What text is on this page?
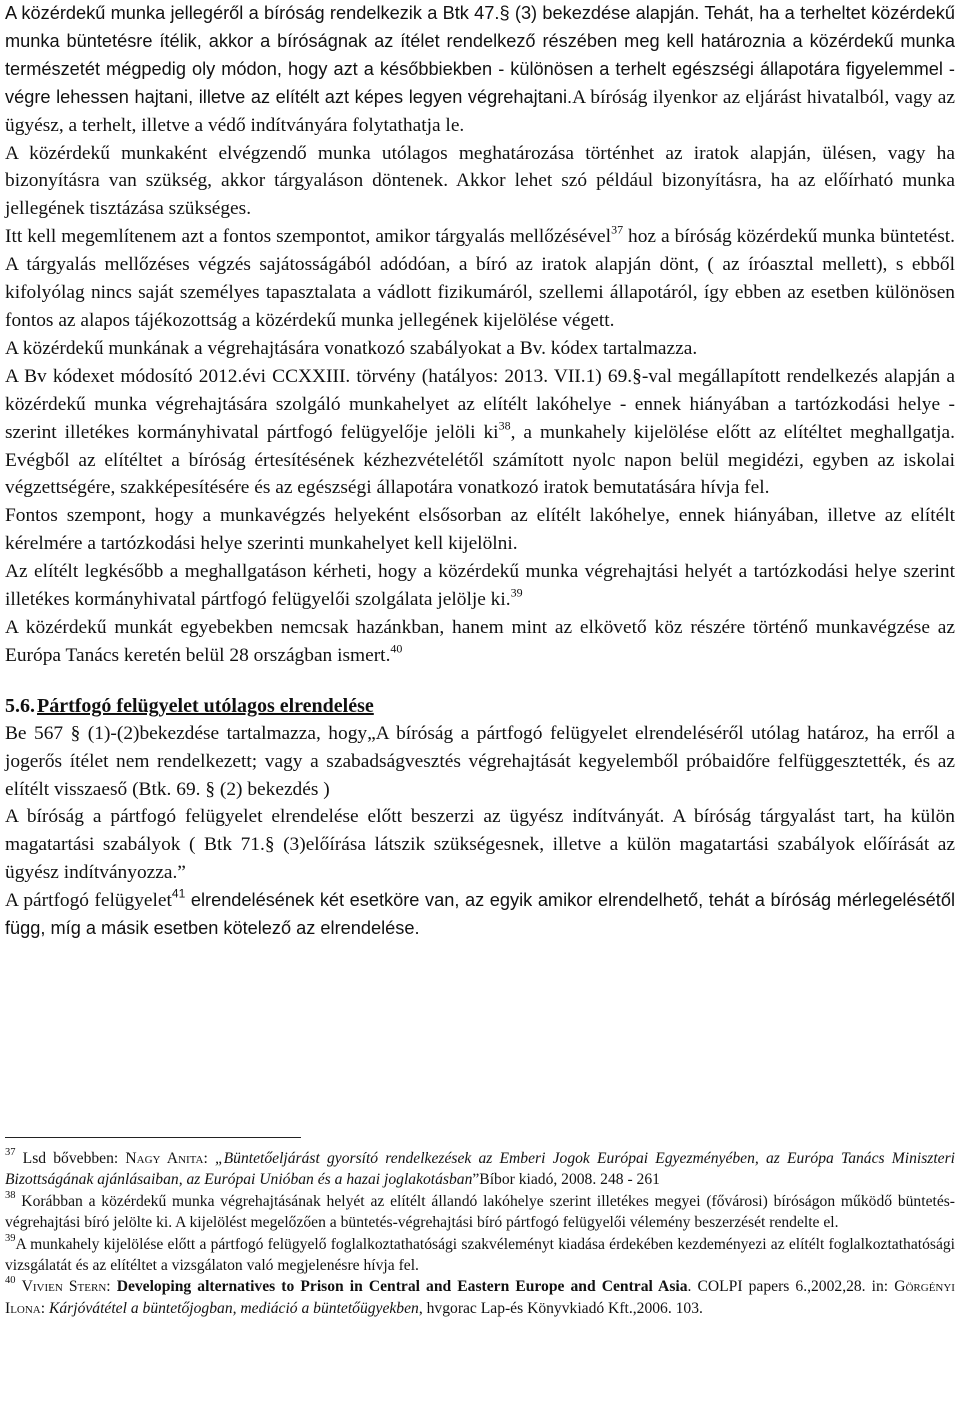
A közérdekű munka jellegéről a bíróság rendelkezik a Btk 47.§ (3) bekezdése alapján. Tehát, ha a terheltet közérdekű munka büntetésre ítélik, akkor a bíróságnak az ítélet rendelkező részében meg kell határoznia a közérdekű munka természetét mégpedig oly módon, hogy azt a későbbiekben - különösen a terhelt egészségi állapotára figyelemmel - végre lehessen hajtani, illetve az elítélt azt képes legyen végrehajtani.A bíróság ilyenkor az eljárást hivatalból, vagy az ügyész, a terhelt, illetve a védő indítványára folytathatja le.

A közérdekű munkaként elvégzendő munka utólagos meghatározása történhet az iratok alapján, ülésen, vagy ha bizonyításra van szükség, akkor tárgyaláson döntenek. Akkor lehet szó például bizonyításra, ha az előírható munka jellegének tisztázása szükséges.

Itt kell megemlítenem azt a fontos szempontot, amikor tárgyalás mellőzésével$^{37}$ hoz a bíróság közérdekű munka büntetést. A tárgyalás mellőzéses végzés sajátosságából adódóan, a bíró az iratok alapján dönt, ( az íróasztal mellett), s ebből kifolyólag nincs saját személyes tapasztalata a vádlott fizikumáról, szellemi állapotáról, így ebben az esetben különösen fontos az alapos tájékozottság a közérdekű munka jellegének kijelölése végett.

A közérdekű munkának a végrehajtására vonatkozó szabályokat a Bv. kódex tartalmazza.

A Bv kódexet módosító 2012.évi CCXXIII. törvény (hatályos: 2013. VII.1) 69.§-val megállapított rendelkezés alapján a közérdekű munka végrehajtására szolgáló munkahelyet az elítélt lakóhelye - ennek hiányában a tartózkodási helye - szerint illetékes kormányhivatal pártfogó felügyelője jelöli $ki^{38}$, a munkahely kijelölése előtt az elítéltet meghallgatja. Evégből az elítéltet a bíróság értesítésének kézhezvételétől számított nyolc napon belül megidézi, egyben az iskolai végzettségére, szakképesítésére és az egészségi állapotára vonatkozó iratok bemutatására hívja fel.

Fontos szempont, hogy a munkavégzés helyeként elsősorban az elítélt lakóhelye, ennek hiányában, illetve az elítélt kérelmére a tartózkodási helye szerinti munkahelyet kell kijelölni.

Az elítélt legkésőbb a meghallgatáson kérheti, hogy a közérdekű munka végrehajtási helyét a tartózkodási helye szerint illetékes kormányhivatal pártfogó felügyelői szolgálata jelölje ki.$^{39}$

A közérdekű munkát egyebekben nemcsak hazánkban, hanem mint az elkövető köz részére történő munkavégzése az Európa Tanács keretén belül 28 országban ismert.$^{40}$

5.6. Pártfogó felügyelet utólagos elrendelése

Be 567 § (1)-(2)bekezdése tartalmazza, hogy„A bíróság a pártfogó felügyelet elrendeléséről utólag határoz, ha erről a jogerős ítélet nem rendelkezett; vagy a szabadságvesztés végrehajtását kegyelemből próbaidőre felfüggesztették, és az elítélt visszaeső (Btk. 69. § (2) bekezdés )

A bíróság a pártfogó felügyelet elrendelése előtt beszerzi az ügyész indítványát. A bíróság tárgyalást tart, ha külön magatartási szabályok ( Btk 71.§ (3)előírása látszik szükségesnek, illetve a külön magatartási szabályok előírását az ügyész indítványozza.”

A pártfogó felügyelet$^{41}$ elrendelésének két esetköre van, az egyik amikor elrendelhető, tehát a bíróság mérlegelésétől függ, míg a másik esetben kötelező az elrendelése.

$^{37}$ Lsd bővebben: Nagy Anita: „Büntetőeljárást gyorsító rendelkezések az Emberi Jogok Európai Egyezményében, az Európa Tanács Miniszteri Bizottságának ajánlásaiban, az Európai Unióban és a hazai joglakotásban”Bíbor kiadó, 2008. 248 - 261

$^{38}$ Korábban a közérdekű munka végrehajtásának helyét az elítélt állandó lakóhelye szerint illetékes megyei (fővárosi) bíróságon működő büntetés-végrehajtási bíró jelölte ki. A kijelölést megelőzően a büntetés-végrehajtási bíró pártfogó felügyelői vélemény beszerzését rendelte el.

$^{39}$A munkahely kijelölése előtt a pártfogó felügyelő foglalkoztathatósági szakvéleményt kiadása érdekében kezdeményezi az elítélt foglalkoztathatósági vizsgálatát és az elítéltet a vizsgálaton való megjelenésre hívja fel.

$^{40}$ Vivien Stern: Developing alternatives to Prison in Central and Eastern Europe and Central Asia. COLPI papers 6.,2002,28. in: Görgényi Ilona: Kárjóvátétel a büntetőjogban, mediáció a büntetőügyekben, hvgorac Lap-és Könyvkiadó Kft.,2006. 103.
